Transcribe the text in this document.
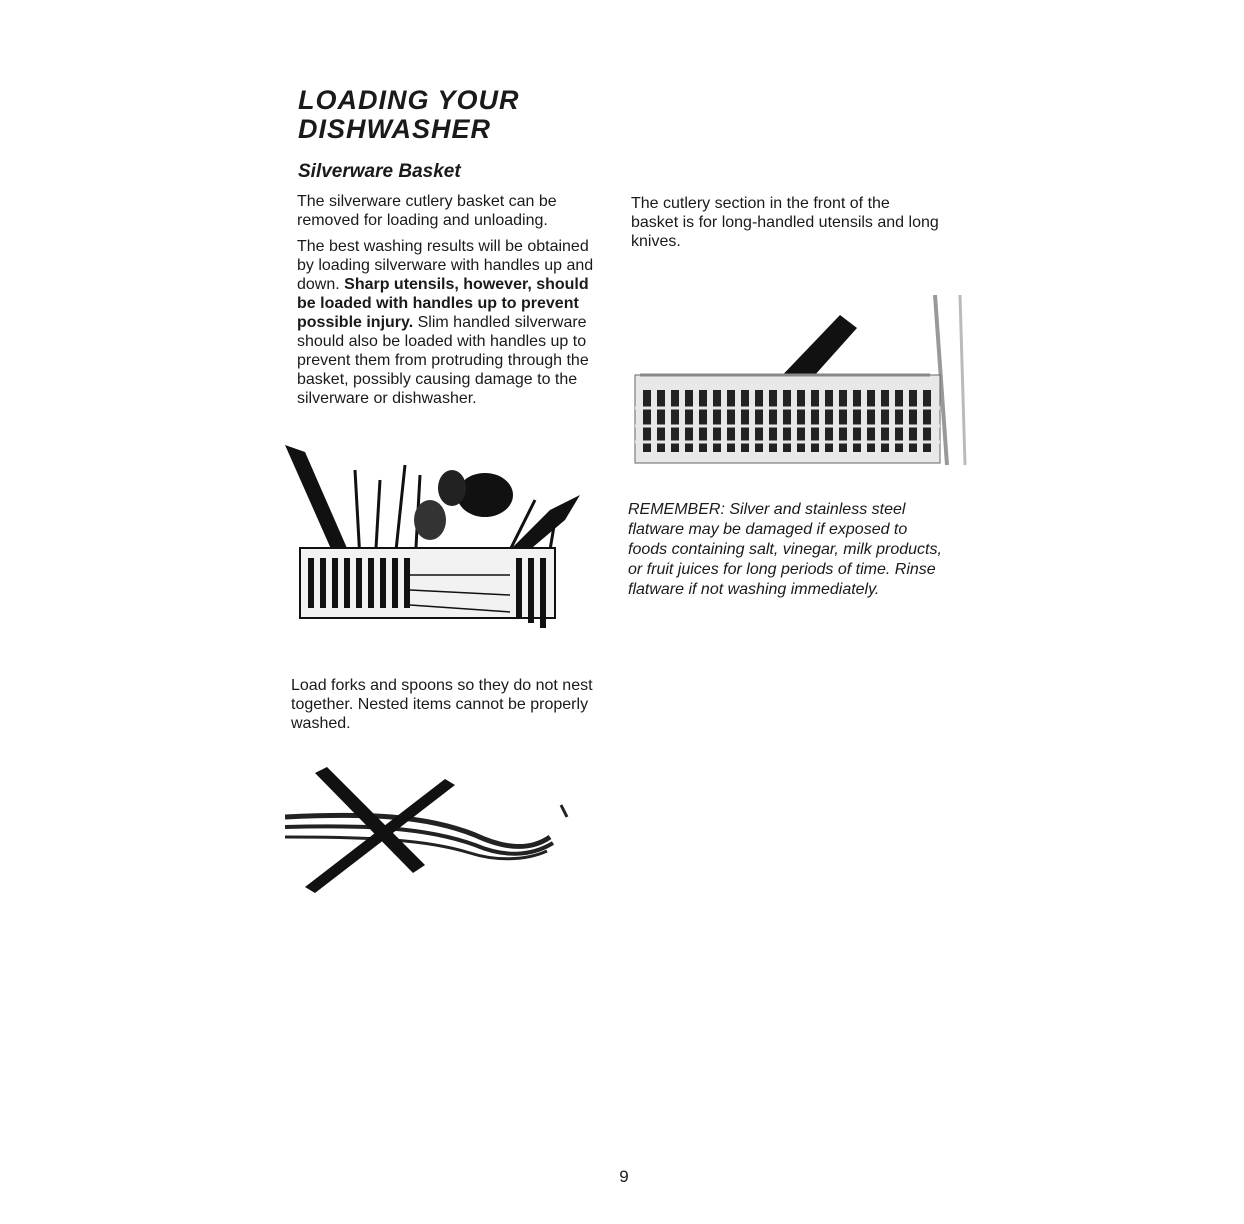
LOADING YOUR
DISHWASHER
Silverware Basket

The silverware cutlery basket can be removed for loading and unloading.

The best washing results will be obtained by loading silverware with handles up and down. Sharp utensils, however, should be loaded with handles up to prevent possible injury. Slim handled silverware should also be loaded with handles up to prevent them from protruding through the basket, possibly causing damage to the silverware or dishwasher.

The cutlery section in the front of the basket is for long-handled utensils and long knives.

REMEMBER: Silver and stainless steel flatware may be damaged if exposed to foods containing salt, vinegar, milk products, or fruit juices for long periods of time. Rinse flatware if not washing immediately.

Load forks and spoons so they do not nest together. Nested items cannot be properly washed.

9
